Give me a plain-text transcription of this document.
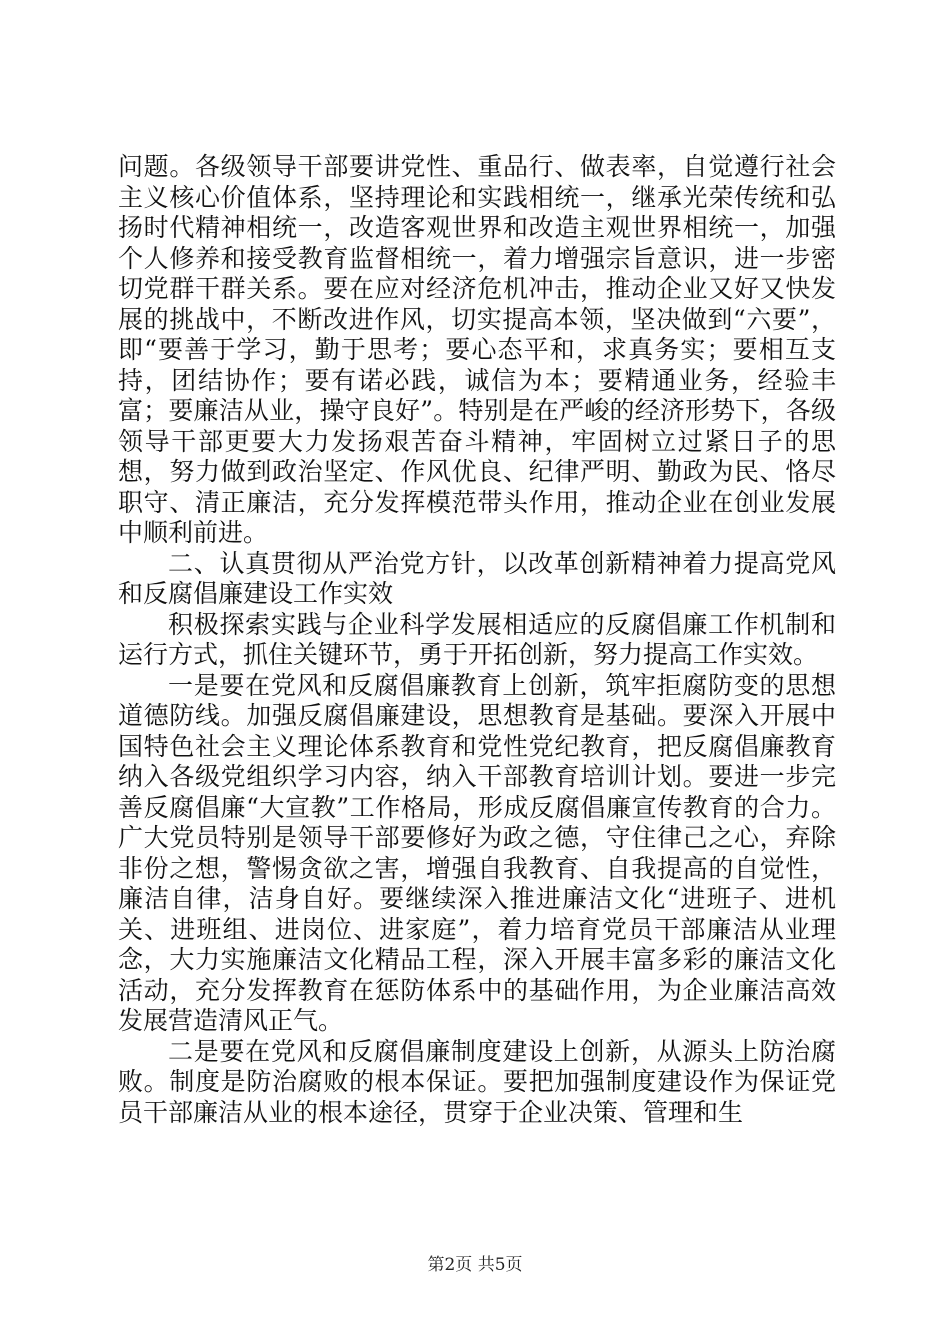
问题。各级领导干部要讲党性、重品行、做表率，自觉遵行社会主义核心价值体系，坚持理论和实践相统一，继承光荣传统和弘扬时代精神相统一，改造客观世界和改造主观世界相统一，加强个人修养和接受教育监督相统一，着力增强宗旨意识，进一步密切党群干群关系。要在应对经济危机冲击，推动企业又好又快发展的挑战中，不断改进作风，切实提高本领，坚决做到“六要”，即“要善于学习，勤于思考；要心态平和，求真务实；要相互支持，团结协作；要有诺必践，诚信为本；要精通业务，经验丰富；要廉洁从业，操守良好”。特别是在严峻的经济形势下，各级领导干部更要大力发扬艰苦奋斗精神，牢固树立过紧日子的思想，努力做到政治坚定、作风优良、纪律严明、勤政为民、恪尽职守、清正廉洁，充分发挥模范带头作用，推动企业在创业发展中顺利前进。

二、认真贯彻从严治党方针，以改革创新精神着力提高党风和反腐倡廉建设工作实效

积极探索实践与企业科学发展相适应的反腐倡廉工作机制和运行方式，抓住关键环节，勇于开拓创新，努力提高工作实效。

一是要在党风和反腐倡廉教育上创新，筑牢拒腐防变的思想道德防线。加强反腐倡廉建设，思想教育是基础。要深入开展中国特色社会主义理论体系教育和党性党纪教育，把反腐倡廉教育纳入各级党组织学习内容，纳入干部教育培训计划。要进一步完善反腐倡廉“大宣教”工作格局，形成反腐倡廉宣传教育的合力。广大党员特别是领导干部要修好为政之德，守住律己之心，弃除非份之想，警惕贪欲之害，增强自我教育、自我提高的自觉性，廉洁自律，洁身自好。要继续深入推进廉洁文化“进班子、进机关、进班组、进岗位、进家庭”，着力培育党员干部廉洁从业理念，大力实施廉洁文化精品工程，深入开展丰富多彩的廉洁文化活动，充分发挥教育在惩防体系中的基础作用，为企业廉洁高效发展营造清风正气。

二是要在党风和反腐倡廉制度建设上创新，从源头上防治腐败。制度是防治腐败的根本保证。要把加强制度建设作为保证党员干部廉洁从业的根本途径，贯穿于企业决策、管理和生

第2页 共5页
